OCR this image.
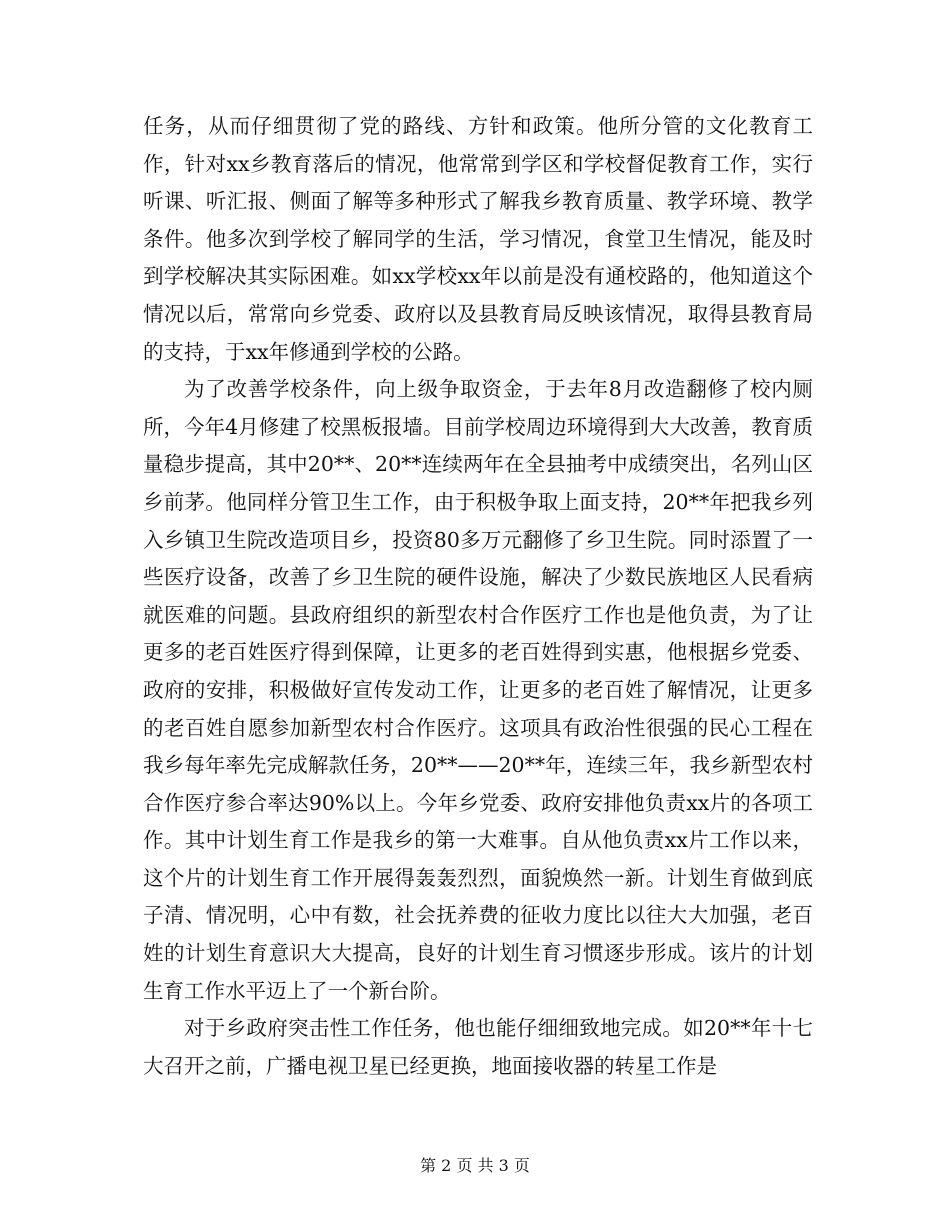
任务，从而仔细贯彻了党的路线、方针和政策。他所分管的文化教育工作，针对xx乡教育落后的情况，他常常到学区和学校督促教育工作，实行听课、听汇报、侧面了解等多种形式了解我乡教育质量、教学环境、教学条件。他多次到学校了解同学的生活，学习情况，食堂卫生情况，能及时到学校解决其实际困难。如xx学校xx年以前是没有通校路的，他知道这个情况以后，常常向乡党委、政府以及县教育局反映该情况，取得县教育局的支持，于xx年修通到学校的公路。

为了改善学校条件，向上级争取资金，于去年8月改造翻修了校内厕所，今年4月修建了校黑板报墙。目前学校周边环境得到大大改善，教育质量稳步提高，其中20**、20**连续两年在全县抽考中成绩突出，名列山区乡前茅。他同样分管卫生工作，由于积极争取上面支持，20**年把我乡列入乡镇卫生院改造项目乡，投资80多万元翻修了乡卫生院。同时添置了一些医疗设备，改善了乡卫生院的硬件设施，解决了少数民族地区人民看病就医难的问题。县政府组织的新型农村合作医疗工作也是他负责，为了让更多的老百姓医疗得到保障，让更多的老百姓得到实惠，他根据乡党委、政府的安排，积极做好宣传发动工作，让更多的老百姓了解情况，让更多的老百姓自愿参加新型农村合作医疗。这项具有政治性很强的民心工程在我乡每年率先完成解款任务，20**——20**年，连续三年，我乡新型农村合作医疗参合率达90%以上。今年乡党委、政府安排他负责xx片的各项工作。其中计划生育工作是我乡的第一大难事。自从他负责xx片工作以来，这个片的计划生育工作开展得轰轰烈烈，面貌焕然一新。计划生育做到底子清、情况明，心中有数，社会抚养费的征收力度比以往大大加强，老百姓的计划生育意识大大提高，良好的计划生育习惯逐步形成。该片的计划生育工作水平迈上了一个新台阶。

对于乡政府突击性工作任务，他也能仔细细致地完成。如20**年十七大召开之前，广播电视卫星已经更换，地面接收器的转星工作是

第 2 页 共 3 页
